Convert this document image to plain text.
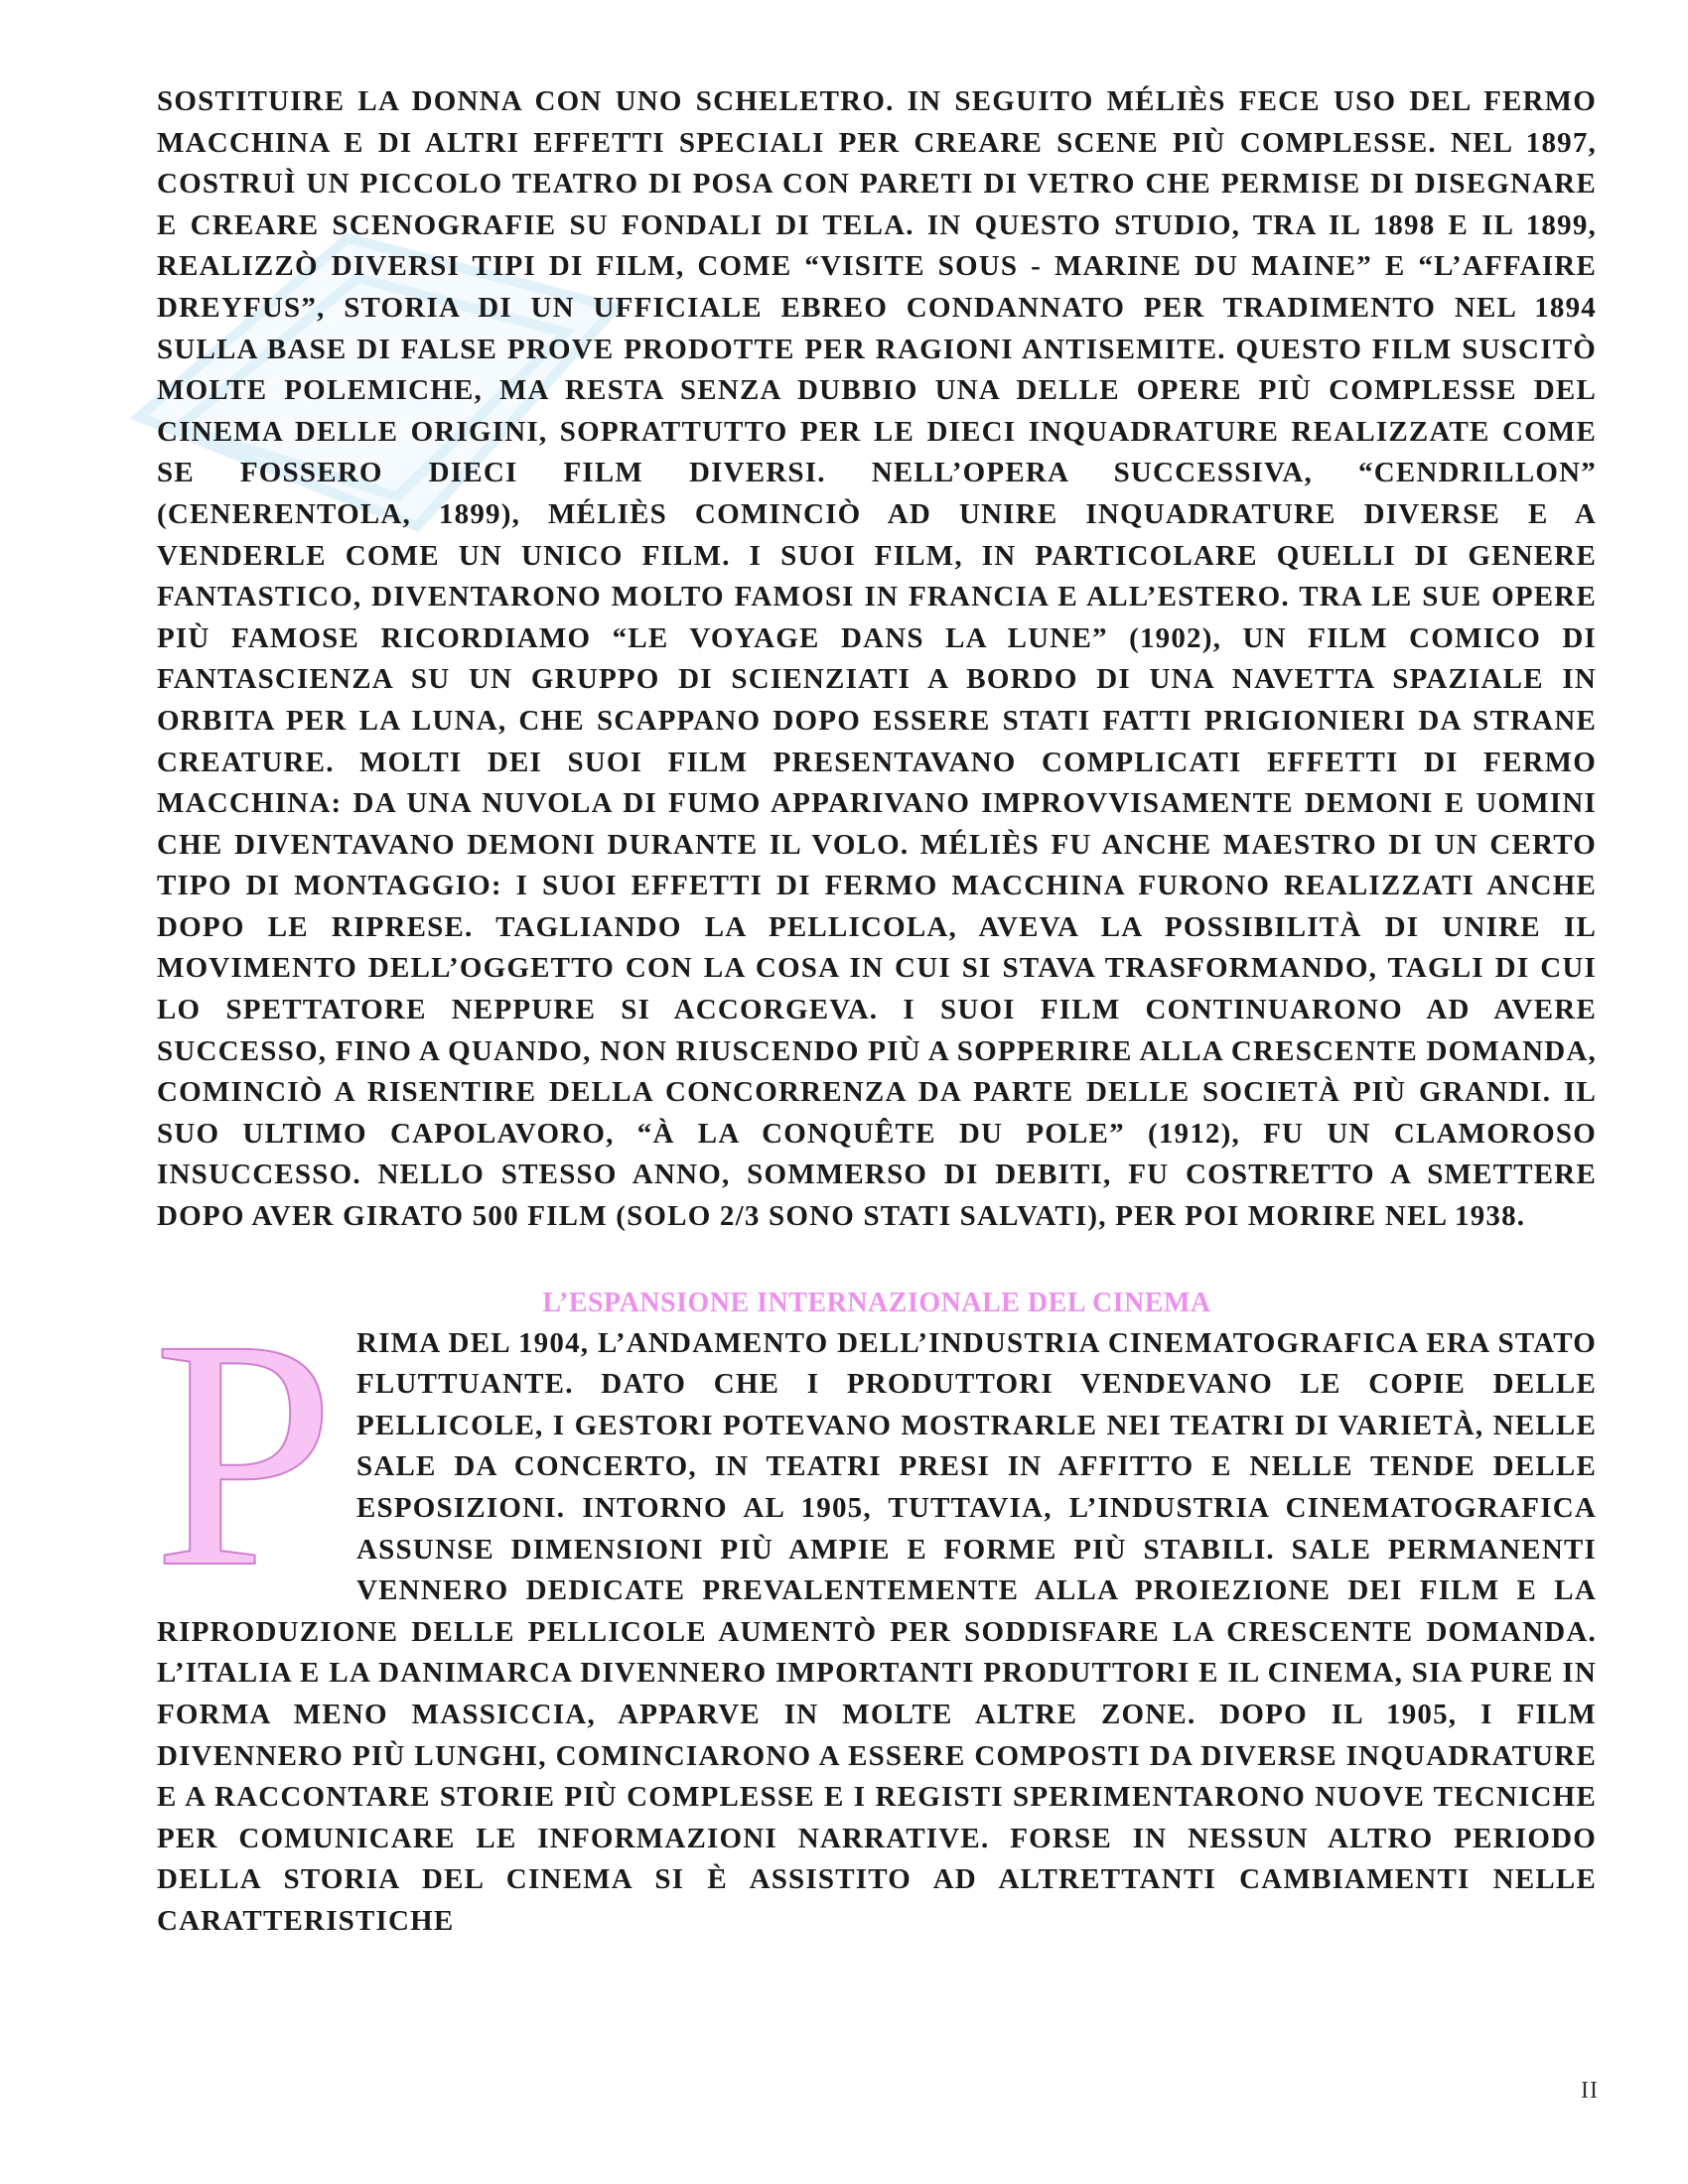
SOSTITUIRE LA DONNA CON UNO SCHELETRO. IN SEGUITO MÉLIÈS FECE USO DEL FERMO MACCHINA E DI ALTRI EFFETTI SPECIALI PER CREARE SCENE PIÙ COMPLESSE. NEL 1897, COSTRUÌ UN PICCOLO TEATRO DI POSA CON PARETI DI VETRO CHE PERMISE DI DISEGNARE E CREARE SCENOGRAFIE SU FONDALI DI TELA. IN QUESTO STUDIO, TRA IL 1898 E IL 1899, REALIZZÒ DIVERSI TIPI DI FILM, COME “VISITE SOUS - MARINE DU MAINE” E “L’AFFAIRE DREYFUS”, STORIA DI UN UFFICIALE EBREO CONDANNATO PER TRADIMENTO NEL 1894 SULLA BASE DI FALSE PROVE PRODOTTE PER RAGIONI ANTISEMITE. QUESTO FILM SUSCITÒ MOLTE POLEMICHE, MA RESTA SENZA DUBBIO UNA DELLE OPERE PIÙ COMPLESSE DEL CINEMA DELLE ORIGINI, SOPRATTUTTO PER LE DIECI INQUADRATURE REALIZZATE COME SE FOSSERO DIECI FILM DIVERSI. NELL’OPERA SUCCESSIVA, “CENDRILLON” (CENERENTOLA, 1899), MÉLIÈS COMINCIÒ AD UNIRE INQUADRATURE DIVERSE E A VENDERLE COME UN UNICO FILM. I SUOI FILM, IN PARTICOLARE QUELLI DI GENERE FANTASTICO, DIVENTARONO MOLTO FAMOSI IN FRANCIA E ALL’ESTERO. TRA LE SUE OPERE PIÙ FAMOSE RICORDIAMO “LE VOYAGE DANS LA LUNE” (1902), UN FILM COMICO DI FANTASCIENZA SU UN GRUPPO DI SCIENZIATI A BORDO DI UNA NAVETTA SPAZIALE IN ORBITA PER LA LUNA, CHE SCAPPANO DOPO ESSERE STATI FATTI PRIGIONIERI DA STRANE CREATURE. MOLTI DEI SUOI FILM PRESENTAVANO COMPLICATI EFFETTI DI FERMO MACCHINA: DA UNA NUVOLA DI FUMO APPARIVANO IMPROVVISAMENTE DEMONI E UOMINI CHE DIVENTAVANO DEMONI DURANTE IL VOLO. MÉLIÈS FU ANCHE MAESTRO DI UN CERTO TIPO DI MONTAGGIO: I SUOI EFFETTI DI FERMO MACCHINA FURONO REALIZZATI ANCHE DOPO LE RIPRESE. TAGLIANDO LA PELLICOLA, AVEVA LA POSSIBILITÀ DI UNIRE IL MOVIMENTO DELL’OGGETTO CON LA COSA IN CUI SI STAVA TRASFORMANDO, TAGLI DI CUI LO SPETTATORE NEPPURE SI ACCORGEVA. I SUOI FILM CONTINUARONO AD AVERE SUCCESSO, FINO A QUANDO, NON RIUSCENDO PIÙ A SOPPERIRE ALLA CRESCENTE DOMANDA, COMINCIÒ A RISENTIRE DELLA CONCORRENZA DA PARTE DELLE SOCIETÀ PIÙ GRANDI. IL SUO ULTIMO CAPOLAVORO, “À LA CONQUÊTE DU POLE” (1912), FU UN CLAMOROSO INSUCCESSO. NELLO STESSO ANNO, SOMMERSO DI DEBITI, FU COSTRETTO A SMETTERE DOPO AVER GIRATO 500 FILM (SOLO 2/3 SONO STATI SALVATI), PER POI MORIRE NEL 1938.

L’ESPANSIONE INTERNAZIONALE DEL CINEMA
P RIMA DEL 1904, L’ANDAMENTO DELL’INDUSTRIA CINEMATOGRAFICA ERA STATO FLUTTUANTE. DATO CHE I PRODUTTORI VENDEVANO LE COPIE DELLE PELLICOLE, I GESTORI POTEVANO MOSTRARLE NEI TEATRI DI VARIETÀ, NELLE SALE DA CONCERTO, IN TEATRI PRESI IN AFFITTO E NELLE TENDE DELLE ESPOSIZIONI. INTORNO AL 1905, TUTTAVIA, L’INDUSTRIA CINEMATOGRAFICA ASSUNSE DIMENSIONI PIÙ AMPIE E FORME PIÙ STABILI. SALE PERMANENTI VENNERO DEDICATE PREVALENTEMENTE ALLA PROIEZIONE DEI FILM E LA RIPRODUZIONE DELLE PELLICOLE AUMENTÒ PER SODDISFARE LA CRESCENTE DOMANDA. L’ITALIA E LA DANIMARCA DIVENNERO IMPORTANTI PRODUTTORI E IL CINEMA, SIA PURE IN FORMA MENO MASSICCIA, APPARVE IN MOLTE ALTRE ZONE. DOPO IL 1905, I FILM DIVENNERO PIÙ LUNGHI, COMINCIARONO A ESSERE COMPOSTI DA DIVERSE INQUADRATURE E A RACCONTARE STORIE PIÙ COMPLESSE E I REGISTI SPERIMENTARONO NUOVE TECNICHE PER COMUNICARE LE INFORMAZIONI NARRATIVE. FORSE IN NESSUN ALTRO PERIODO DELLA STORIA DEL CINEMA SI È ASSISTITO AD ALTRETTANTI CAMBIAMENTI NELLE CARATTERISTICHE

II
